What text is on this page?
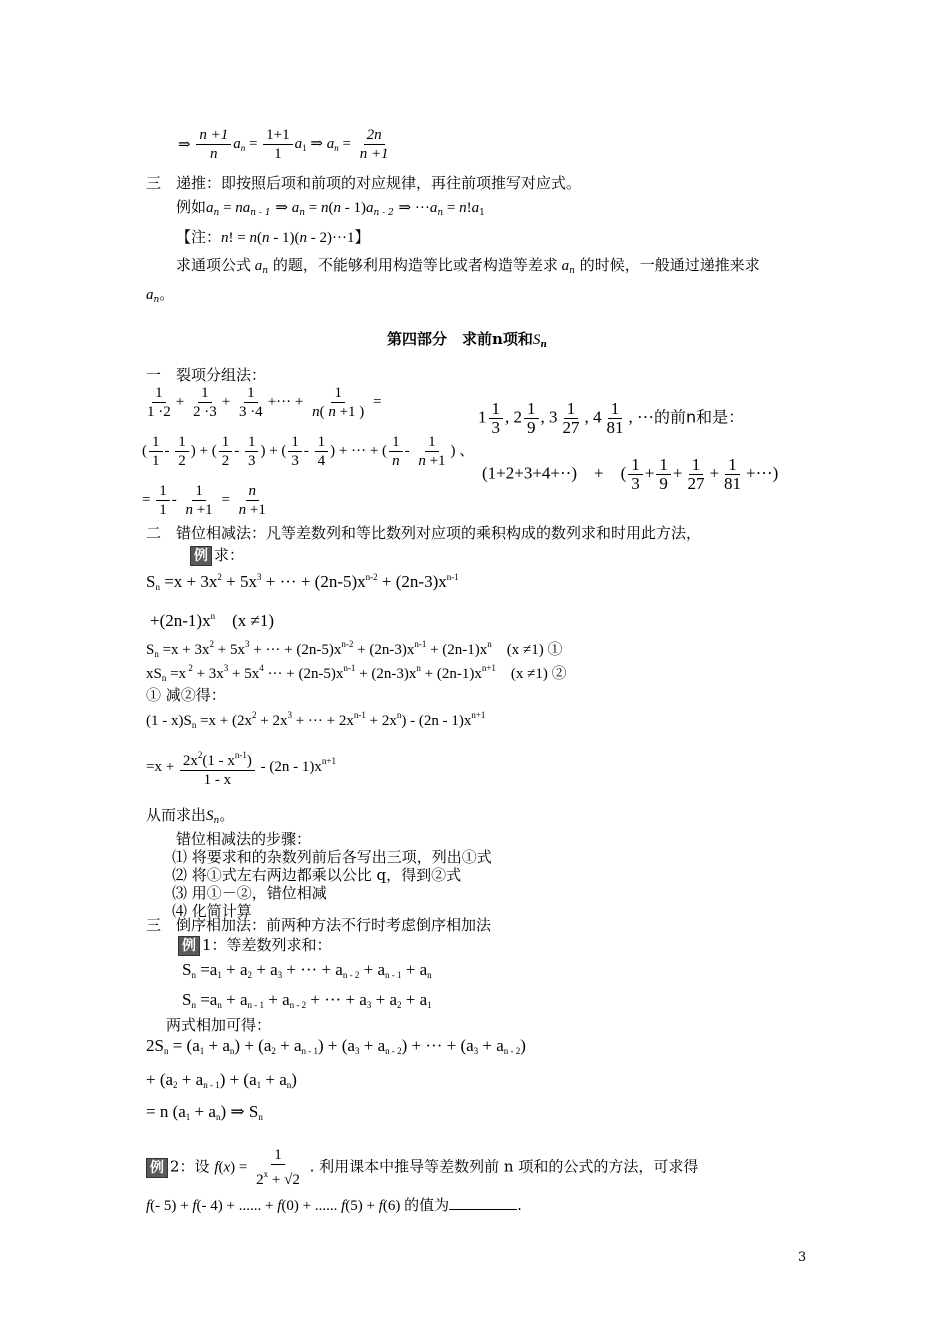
⇒ $\frac{n +1}{n} a_n = \frac{1+1}{1} a_1$ ⇒ $a_n = \frac{2n}{n +1}$
三　递推：即按照后项和前项的对应规律，再往前项推写对应式。
例如$a_n = na_{n - 1}$ ⇒ $a_n = n(n - 1)a_{n - 2}$ ⇒ $\cdot\cdot\cdot a_n = n!a_1$
【注：n! = n(n - 1)(n - 2)···1】
求通项公式 $a_n$ 的题，不能够利用构造等比或者构造等差求 $a_n$ 的时候，一般通过递推来求
$a_n$。
第四部分　求前n项和$S_n$
一　裂项分组法：
$\frac{1}{1 \cdot 2} + \frac{1}{2 \cdot 3} + \frac{1}{3 \cdot 4}$ +··· + $\frac{1}{n( n +1 )}$ =
( $\frac{1}{1} - \frac{1}{2}$ ) + ( $\frac{1}{2} - \frac{1}{3}$ ) + ( $\frac{1}{3} - \frac{1}{4}$ ) + ··· + ( $\frac{1}{n} - \frac{1}{n +1}$ ) 、
= $\frac{1}{1} - \frac{1}{n +1} = \frac{n}{n +1}$
$1 \frac{1}{3}$ , $2 \frac{1}{9}$ , $3 \frac{1}{27}$ , $4 \frac{1}{81}$ , ···的前n和是：
(1+2+3+4+··)　+　( $\frac{1}{3} + \frac{1}{9} + \frac{1}{27} + \frac{1}{81}$ +···)
二　错位相减法：凡等差数列和等比数列对应项的乘积构成的数列求和时用此方法，
例 求：
$S_n =x + 3x^2 + 5x^3$ + ··· + $(2n-5)x^{n-2} + (2n-3)x^{n-1}$
$+(2n-1)x^n$　(x ≠1)
$S_n =x + 3x^2 + 5x^3$ + ··· + $(2n-5)x^{n-2} + (2n-3)x^{n-1} + (2n-1)x^n$　(x ≠1) ①
$xS_n =x$ $^2 + 3x^3 + 5x^4$ ··· + $(2n-5)x^{n-1} + (2n-3)x^n + (2n-1)x^{n+1}$　(x ≠1) ②
① 减②得：
$(1 - x)S_n =x + (2x^2 + 2x^3$ + ··· + $2x^{n-1} + 2x^n) - (2n - 1)x^{n+1}$
$=x + \frac{2x^2(1 - x^{n-1})}{1 - x} - (2n - 1)x^{n+1}$
从而求出$S_n$。
错位相减法的步骤：
⑴ 将要求和的杂数列前后各写出三项，列出①式
⑵ 将①式左右两边都乘以公比 q，得到②式
⑶ 用①－②，错位相减
⑷ 化简计算
三　倒序相加法：前两种方法不行时考虑倒序相加法
例 1：等差数列求和：
$S_n =a_1 + a_2 + a_3$ + ··· + $a_{n - 2} + a_{n - 1} + a_n$
$S_n =a_n + a_{n - 1} + a_{n - 2}$ + ··· + $a_3 + a_2 + a_1$
两式相加可得：
$2S_n = (a_1 + a_n) + (a_2 + a_{n - 1}) + (a_3 + a_{n - 2})$ + ··· + $(a_3 + a_{n - 2})$
+ $(a_2 + a_{n - 1}) + (a_1 + a_n)$
= n $(a_1 + a_n)$ ⇒ $S_n$
例 2：设 $f(x) = \frac{1}{2^x + √2}$ . 利用课本中推导等差数列前 n 项和的公式的方法，可求得
f(- 5) + f(- 4) + ...... + f(0) + ...... f(5) + f(6) 的值为	.
3
